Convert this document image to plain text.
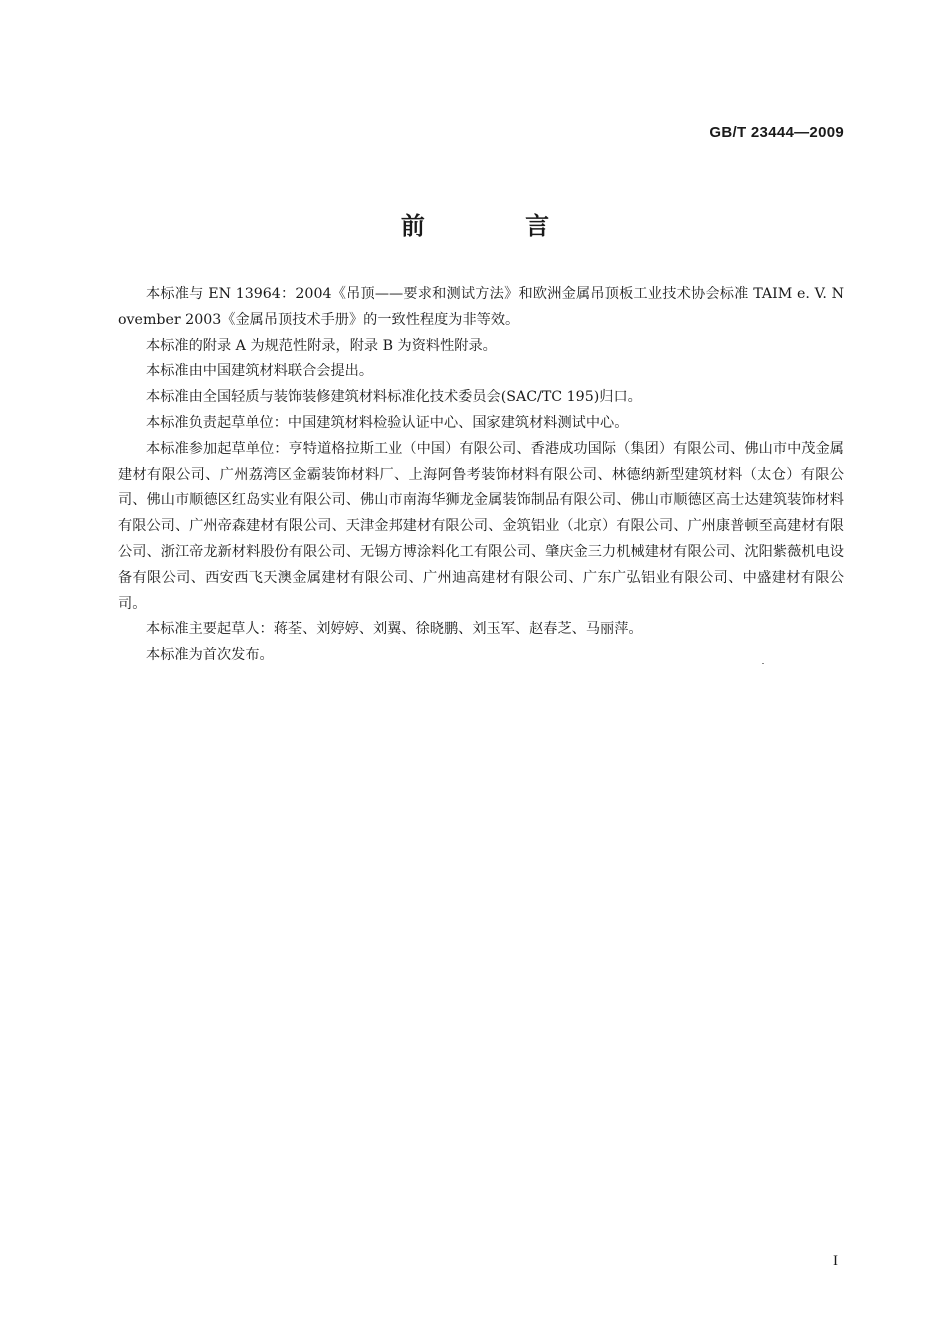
GB/T 23444—2009
前 言

本标准与 EN 13964：2004《吊顶——要求和测试方法》和欧洲金属吊顶板工业技术协会标准 TAIM e. V. November 2003《金属吊顶技术手册》的一致性程度为非等效。

本标准的附录 A 为规范性附录，附录 B 为资料性附录。

本标准由中国建筑材料联合会提出。

本标准由全国轻质与装饰装修建筑材料标准化技术委员会(SAC/TC 195)归口。

本标准负责起草单位：中国建筑材料检验认证中心、国家建筑材料测试中心。

本标准参加起草单位：亨特道格拉斯工业（中国）有限公司、香港成功国际（集团）有限公司、佛山市中茂金属建材有限公司、广州荔湾区金霸装饰材料厂、上海阿鲁考装饰材料有限公司、林德纳新型建筑材料（太仓）有限公司、佛山市顺德区红岛实业有限公司、佛山市南海华狮龙金属装饰制品有限公司、佛山市顺德区高士达建筑装饰材料有限公司、广州帝森建材有限公司、天津金邦建材有限公司、金筑铝业（北京）有限公司、广州康普顿至高建材有限公司、浙江帝龙新材料股份有限公司、无锡方博涂料化工有限公司、肇庆金三力机械建材有限公司、沈阳紫薇机电设备有限公司、西安西飞天澳金属建材有限公司、广州迪高建材有限公司、广东广弘铝业有限公司、中盛建材有限公司。

本标准主要起草人：蒋荃、刘婷婷、刘翼、徐晓鹏、刘玉军、赵春芝、马丽萍。

本标准为首次发布。

I
